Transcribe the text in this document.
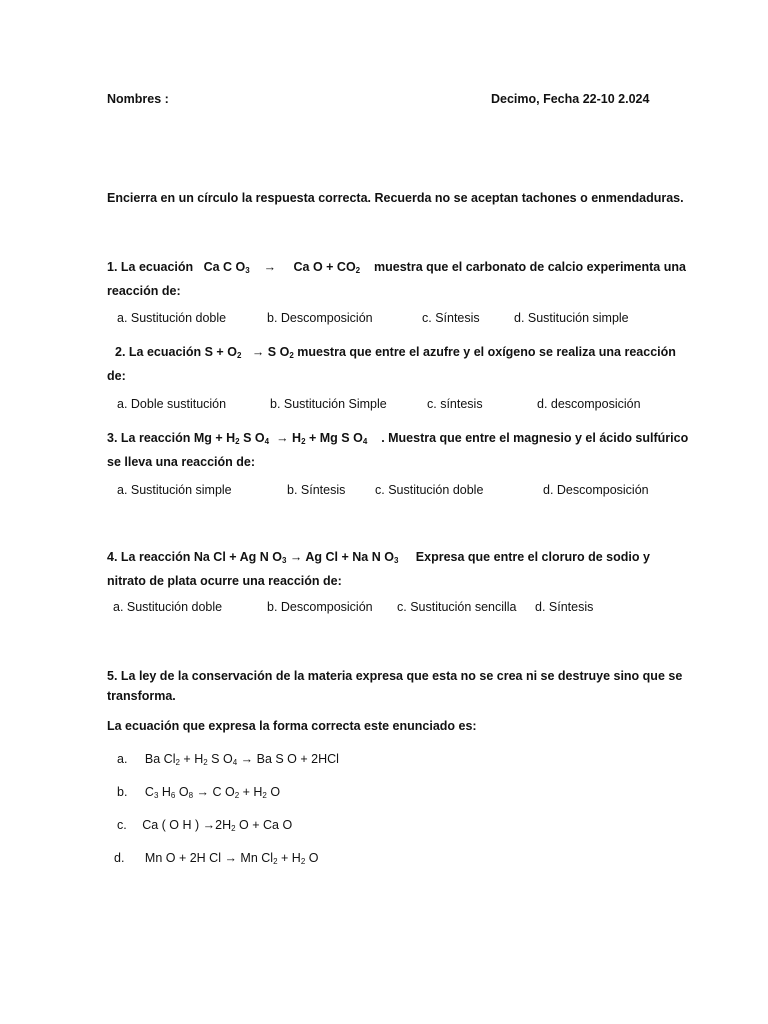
Nombres :	Decimo, Fecha 22-10 2.024
Encierra en un círculo la respuesta correcta. Recuerda no se aceptan tachones o enmendaduras.
1. La ecuación Ca C $O_3 \to Ca$ $O + CO_2$ muestra que el carbonato de calcio experimenta una
reacción de:
a. Sustitución doble	b. Descomposición	c. Síntesis	d. Sustitución simple
2. La ecuación $S + O_2 \to S$ $O_2$ muestra que entre el azufre y el oxígeno se realiza una reacción
de:
a. Doble sustitución	b. Sustitución Simple	c. síntesis	d. descomposición
3. La reacción $Mg + H_2$ S $O_4 \to H_2 + Mg$ S $O_4$ . Muestra que entre el magnesio y el ácido sulfúrico
se lleva una reacción de:
a. Sustitución simple	b. Síntesis c. Sustitución doble	d. Descomposición
4. La reacción Na Cl + Ag N $O_3 \to Ag$ Cl + Na N $O_3$ Expresa que entre el cloruro de sodio y
nitrato de plata ocurre una reacción de:
a. Sustitución doble	b. Descomposición c. Sustitución sencilla d. Síntesis
5. La ley de la conservación de la materia expresa que esta no se crea ni se destruye sino que se
transforma.
La ecuación que expresa la forma correcta este enunciado es:
a. Ba $Cl_2 + H_2$ S $O_4 \to Ba$ S O + 2HCl
b. $C_3$ $H_6$ $O_8 \to C$ $O_2 + H_2$ O
c. Ca ( O H ) $\to 2H_2$ O + Ca O
d. Mn O + 2H Cl → Mn $Cl_2 + H_2$ O
